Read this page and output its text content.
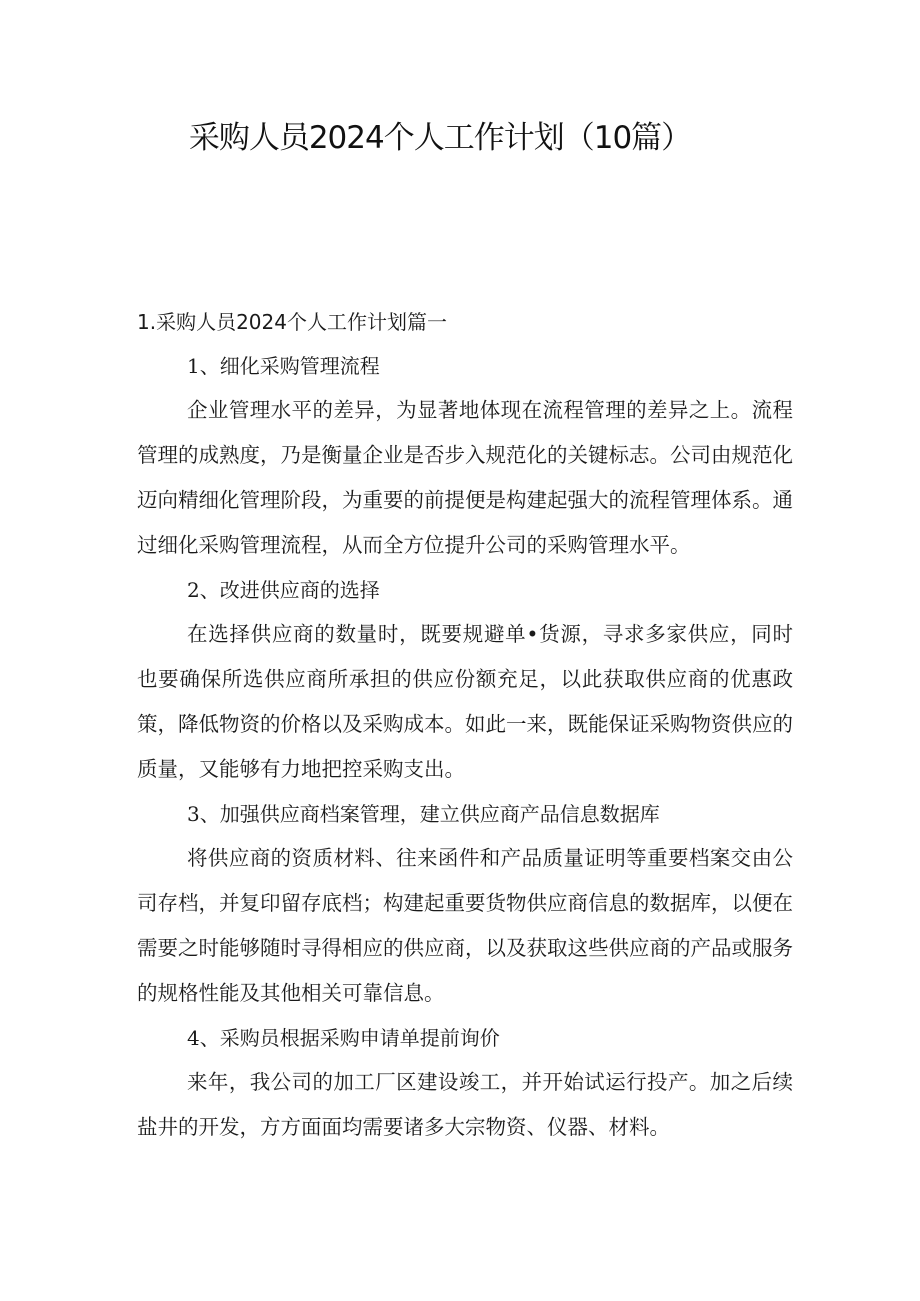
采购人员2024个人工作计划（10篇）
1.采购人员2024个人工作计划篇一
1、细化采购管理流程

企业管理水平的差异，为显著地体现在流程管理的差异之上。流程管理的成熟度，乃是衡量企业是否步入规范化的关键标志。公司由规范化迈向精细化管理阶段，为重要的前提便是构建起强大的流程管理体系。通过细化采购管理流程，从而全方位提升公司的采购管理水平。

2、改进供应商的选择

在选择供应商的数量时，既要规避单•货源，寻求多家供应，同时也要确保所选供应商所承担的供应份额充足，以此获取供应商的优惠政策，降低物资的价格以及采购成本。如此一来，既能保证采购物资供应的质量，又能够有力地把控采购支出。

3、加强供应商档案管理，建立供应商产品信息数据库

将供应商的资质材料、往来函件和产品质量证明等重要档案交由公司存档，并复印留存底档；构建起重要货物供应商信息的数据库，以便在需要之时能够随时寻得相应的供应商，以及获取这些供应商的产品或服务的规格性能及其他相关可靠信息。

4、采购员根据采购申请单提前询价

来年，我公司的加工厂区建设竣工，并开始试运行投产。加之后续盐井的开发，方方面面均需要诸多大宗物资、仪器、材料。
